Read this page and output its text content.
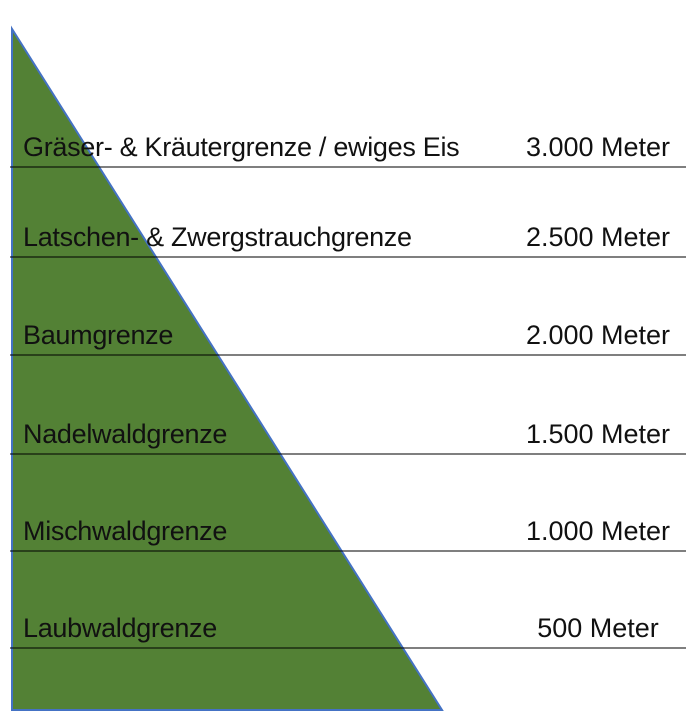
Gräser- & Kräutergrenze / ewiges Eis	3.000 Meter
Latschen- & Zwergstrauchgrenze	2.500 Meter
Baumgrenze	2.000 Meter
Nadelwaldgrenze	1.500 Meter
Mischwaldgrenze	1.000 Meter
Laubwaldgrenze	500 Meter
